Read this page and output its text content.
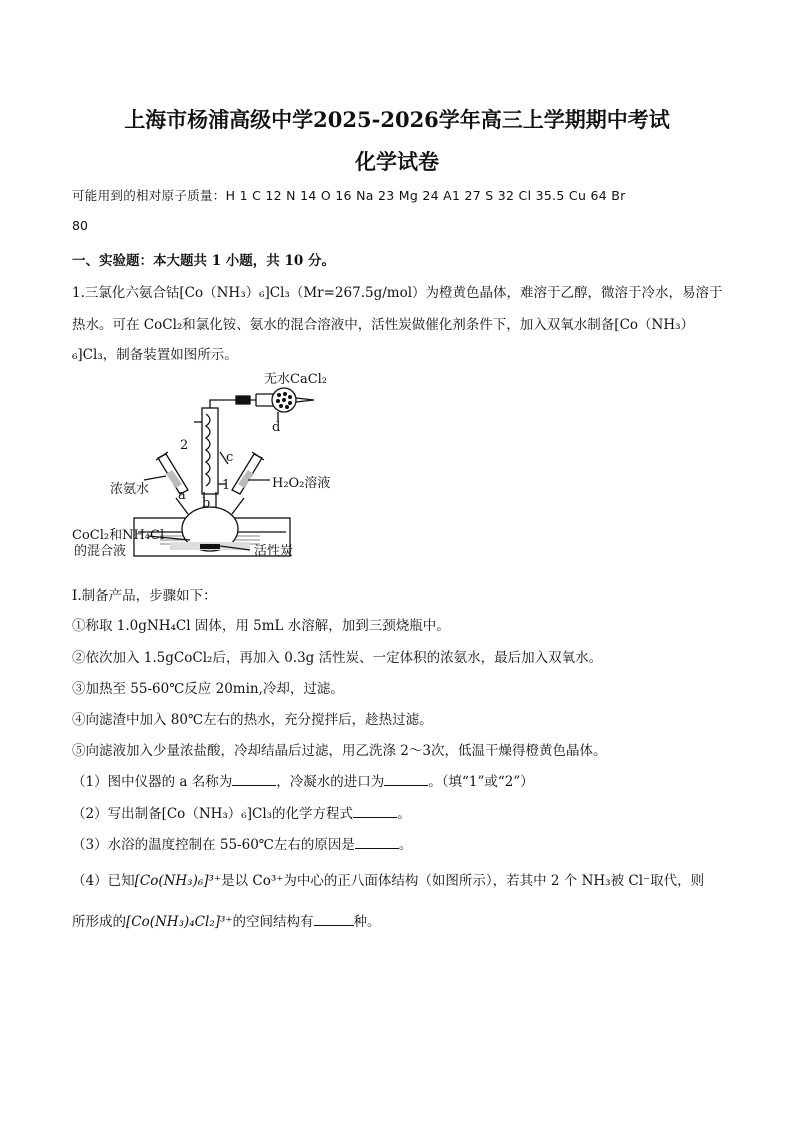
上海市杨浦高级中学2025-2026学年高三上学期期中考试
化学试卷
可能用到的相对原子质量：H 1 C 12 N 14 O 16 Na 23 Mg 24 A1 27 S 32 Cl 35.5 Cu 64 Br
80
一、实验题：本大题共 1 小题，共 10 分。
1.三氯化六氨合钴[Co（NH₃）₆]Cl₃（Mr=267.5g/mol）为橙黄色晶体，难溶于乙醇，微溶于冷水，易溶于
热水。可在 CoCl₂和氯化铵、氨水的混合溶液中，活性炭做催化剂条件下，加入双氧水制备[Co（NH₃）
₆]Cl₃，制备装置如图所示。
无水CaCl₂
d
2
c
1
a
b
浓氨水	H₂O₂溶液
CoCl₂和NH₄Cl
的混合液	活性炭
Ⅰ.制备产品，步骤如下：
①称取 1.0gNH₄Cl 固体，用 5mL 水溶解，加到三颈烧瓶中。
②依次加入 1.5gCoCl₂后，再加入 0.3g 活性炭、一定体积的浓氨水，最后加入双氧水。
③加热至 55-60℃反应 20min,冷却，过滤。
④向滤渣中加入 80℃左右的热水，充分搅拌后，趁热过滤。
⑤向滤液加入少量浓盐酸，冷却结晶后过滤，用乙洗涤 2～3次，低温干燥得橙黄色晶体。
（1）图中仪器的 a 名称为	，冷凝水的进口为	。（填“1”或“2”）
（2）写出制备[Co（NH₃）₆]Cl₃的化学方程式	。
（3）水浴的温度控制在 55-60℃左右的原因是	。
（4）已知[Co(NH₃)₆]³⁺是以 Co³⁺为中心的正八面体结构（如图所示），若其中 2 个 NH₃被 Cl⁻取代，则
所形成的[Co(NH₃)₄Cl₂]³⁺的空间结构有	种。
